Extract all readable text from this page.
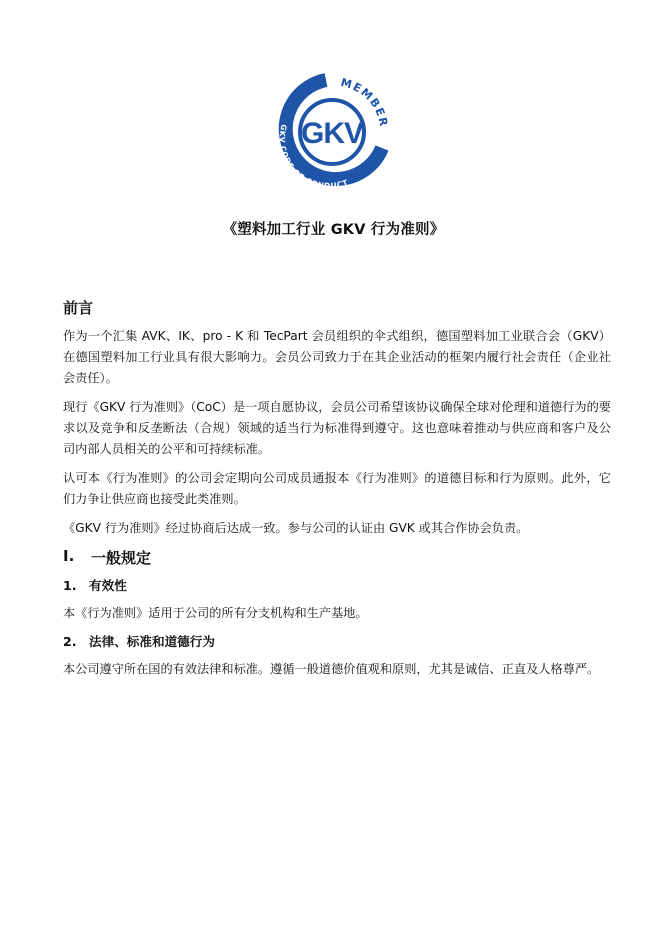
MEMBER
GKV CODE OF CONDUCT
GKV
《塑料加工行业 GKV 行为准则》
前言

作为一个汇集 AVK、IK、pro - K 和 TecPart 会员组织的伞式组织，德国塑料加工业联合会（GKV）在德国塑料加工行业具有很大影响力。会员公司致力于在其企业活动的框架内履行社会责任（企业社会责任）。

现行《GKV 行为准则》（CoC）是一项自愿协议，会员公司希望该协议确保全球对伦理和道德行为的要求以及竞争和反垄断法（合规）领域的适当行为标准得到遵守。这也意味着推动与供应商和客户及公司内部人员相关的公平和可持续标准。

认可本《行为准则》的公司会定期向公司成员通报本《行为准则》的道德目标和行为原则。此外，它们力争让供应商也接受此类准则。

《GKV 行为准则》经过协商后达成一致。参与公司的认证由 GVK 或其合作协会负责。

I.	一般规定
1. 有效性

本《行为准则》适用于公司的所有分支机构和生产基地。

2. 法律、标准和道德行为

本公司遵守所在国的有效法律和标准。遵循一般道德价值观和原则，尤其是诚信、正直及人格尊严。
